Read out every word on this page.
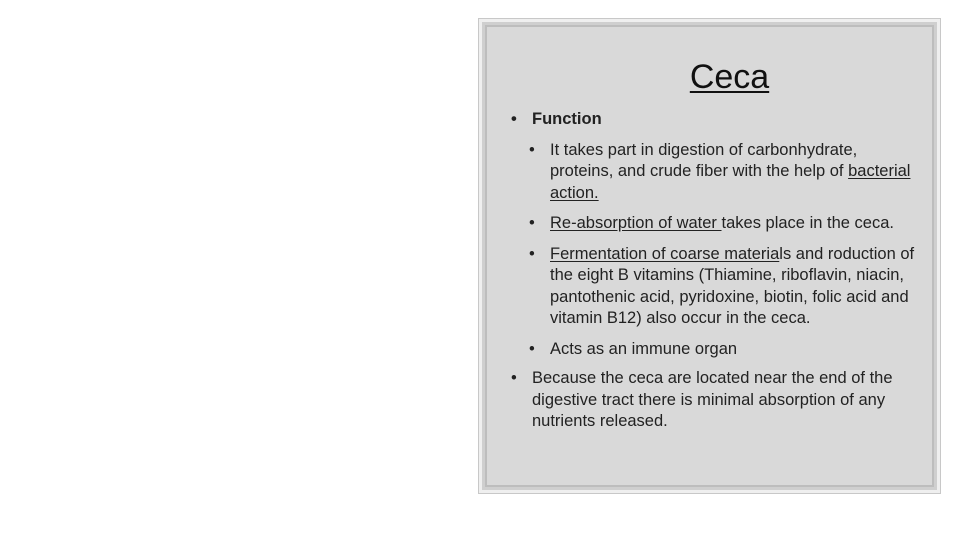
Ceca
• Function
• It takes part in digestion of carbonhydrate, proteins, and crude fiber with the help of bacterial action.
• Re-absorption of water takes place in the ceca.
• Fermentation of coarse materials and roduction of the eight B vitamins (Thiamine, riboflavin, niacin, pantothenic acid, pyridoxine, biotin, folic acid and vitamin B12) also occur in the ceca.
• Acts as an immune organ
• Because the ceca are located near the end of the digestive tract there is minimal absorption of any nutrients released.
